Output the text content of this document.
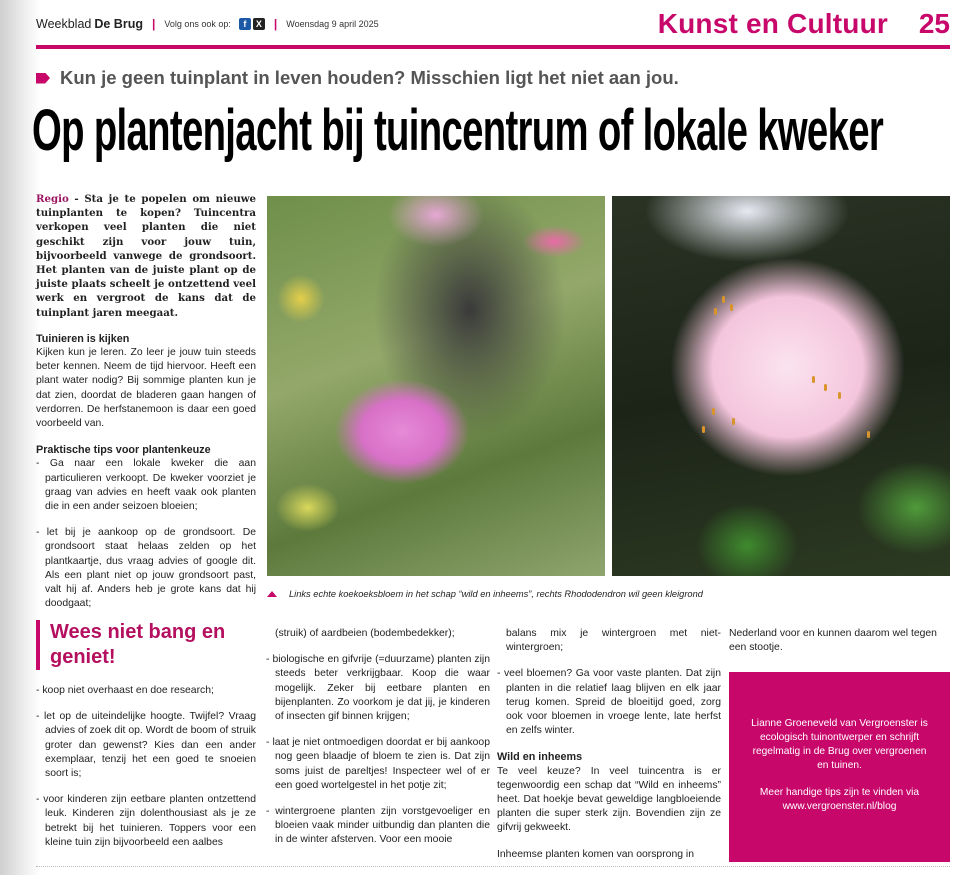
Weekblad De Brug | Volg ons ook op:	f	X | Woensdag 9 april 2025	Kunst en Cultuur 25
Kun je geen tuinplant in leven houden? Misschien ligt het niet aan jou.
Op plantenjacht bij tuincentrum of lokale kweker
Regio - Sta je te popelen om nieuwe tuinplanten te kopen? Tuincentra verkopen veel planten die niet geschikt zijn voor jouw tuin, bijvoorbeeld vanwege de grondsoort. Het planten van de juiste plant op de juiste plaats scheelt je ontzettend veel werk en vergroot de kans dat de tuinplant jaren meegaat.
Tuinieren is kijken
Kijken kun je leren. Zo leer je jouw tuin steeds beter kennen. Neem de tijd hiervoor. Heeft een plant water nodig? Bij sommige planten kun je dat zien, doordat de bladeren gaan hangen of verdorren. De herfstanemoon is daar een goed voorbeeld van.
Praktische tips voor plantenkeuze
- Ga naar een lokale kweker die aan particulieren verkoopt. De kweker voorziet je graag van advies en heeft vaak ook planten die in een ander seizoen bloeien;
- let bij je aankoop op de grondsoort. De grondsoort staat helaas zelden op het plantkaartje, dus vraag advies of google dit. Als een plant niet op jouw grondsoort past, valt hij af. Anders heb je grote kans dat hij doodgaat;
Links echte koekoeksbloem in het schap “wild en inheems”, rechts Rhododendron wil geen kleigrond
Wees niet bang en geniet!
- koop niet overhaast en doe research;
- let op de uiteindelijke hoogte. Twijfel? Vraag advies of zoek dit op. Wordt de boom of struik groter dan gewenst? Kies dan een ander exemplaar, tenzij het een goed te snoeien soort is;
- voor kinderen zijn eetbare planten ontzettend leuk. Kinderen zijn dolenthousiast als je ze betrekt bij het tuinieren. Toppers voor een kleine tuin zijn bijvoorbeeld een aalbes
(struik) of aardbeien (bodembedekker);
- biologische en gifvrije (=duurzame) planten zijn steeds beter verkrijgbaar. Koop die waar mogelijk. Zeker bij eetbare planten en bijenplanten. Zo voorkom je dat jij, je kinderen of insecten gif binnen krijgen;
- laat je niet ontmoedigen doordat er bij aankoop nog geen blaadje of bloem te zien is. Dat zijn soms juist de pareltjes! Inspecteer wel of er een goed wortelgestel in het potje zit;
- wintergroene planten zijn vorstgevoeliger en bloeien vaak minder uitbundig dan planten die in de winter afsterven. Voor een mooie
balans mix je wintergroen met niet-wintergroen;
- veel bloemen? Ga voor vaste planten. Dat zijn planten in die relatief laag blijven en elk jaar terug komen. Spreid de bloeitijd goed, zorg ook voor bloemen in vroege lente, late herfst en zelfs winter.
Wild en inheems
Te veel keuze? In veel tuincentra is er tegenwoordig een schap dat “Wild en inheems” heet. Dat hoekje bevat geweldige langbloeiende planten die super sterk zijn. Bovendien zijn ze gifvrij gekweekt.
Inheemse planten komen van oorsprong in
Nederland voor en kunnen daarom wel tegen een stootje.

Lianne Groeneveld van Vergroenster is ecologisch tuinontwerper en schrijft regelmatig in de Brug over vergroenen en tuinen.

Meer handige tips zijn te vinden via www.vergroenster.nl/blog
